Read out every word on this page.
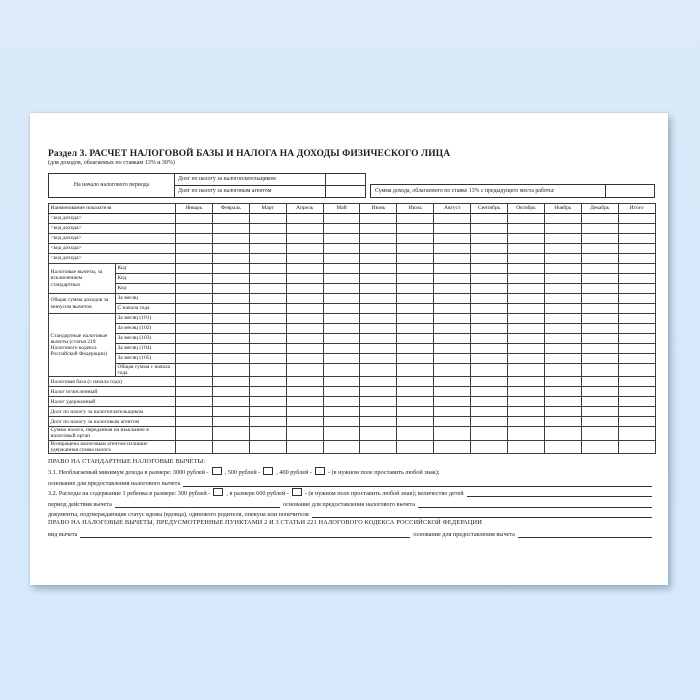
Раздел 3. РАСЧЕТ НАЛОГОВОЙ БАЗЫ И НАЛОГА НА ДОХОДЫ ФИЗИЧЕСКОГО ЛИЦА
(для доходов, облагаемых по ставкам 13% и 30%)
На начало налогового периода	Долг по налогу за налогоплательщиком	
	Долг по налогу за налоговым агентом		Сумма дохода, облагаемого по ставке 13% с предыдущего места работы:	
Наименование показателя		Январь	Февраль	Март	Апрель	Май	Июнь	Июль	Август	Сентябрь	Октябрь	Ноябрь	Декабрь	Итого
<код дохода>														
<код дохода>														
<код дохода>														
<код дохода>														
<код дохода>														
Налоговые вычеты, за исключением стандартных	Код													
	Код													
	Код													
Общая сумма доходов за минусом вычетов	За месяц													
	С начала года													
Стандартные налоговые вычеты (статья 218 Налогового кодекса Российской Федерации)	За месяц (101)													
	За месяц (102)													
	За месяц (103)													
	За месяц (104)													
	За месяц (105)													
	Общая сумма с начала года													
Налоговая база (с начала года)														
Налог исчисленный														
Налог удержанный														
Долг по налогу за налогоплательщиком														
Долг по налогу за налоговым агентом														
Сумма налога, переданная на взыскание в налоговый орган														
Возвращена налоговым агентом излишне удержанная сумма налога														
ПРАВО НА СТАНДАРТНЫЕ НАЛОГОВЫЕ ВЫЧЕТЫ:
3.1. Необлагаемый минимум дохода в размере: 3000 рублей -	, 500 рублей -	, 400 рублей -	- (в нужном поле проставить любой знак);
основание для предоставления налогового вычета
3.2. Расходы на содержание 1 ребенка в размере: 300 рублей -	, в размере 600 рублей -	- (в нужном поле проставить любой знак); количество детей
период действия вычета	основание для предоставления налогового вычета
документы, подтверждающие статус вдовы (вдовца), одинокого родителя, опекуна или попечителя
ПРАВО НА НАЛОГОВЫЕ ВЫЧЕТЫ, ПРЕДУСМОТРЕННЫЕ ПУНКТАМИ 2 И 3 СТАТЬИ 221 НАЛОГОВОГО КОДЕКСА РОССИЙСКОЙ ФЕДЕРАЦИИ
вид вычета	основание для предоставления вычета
